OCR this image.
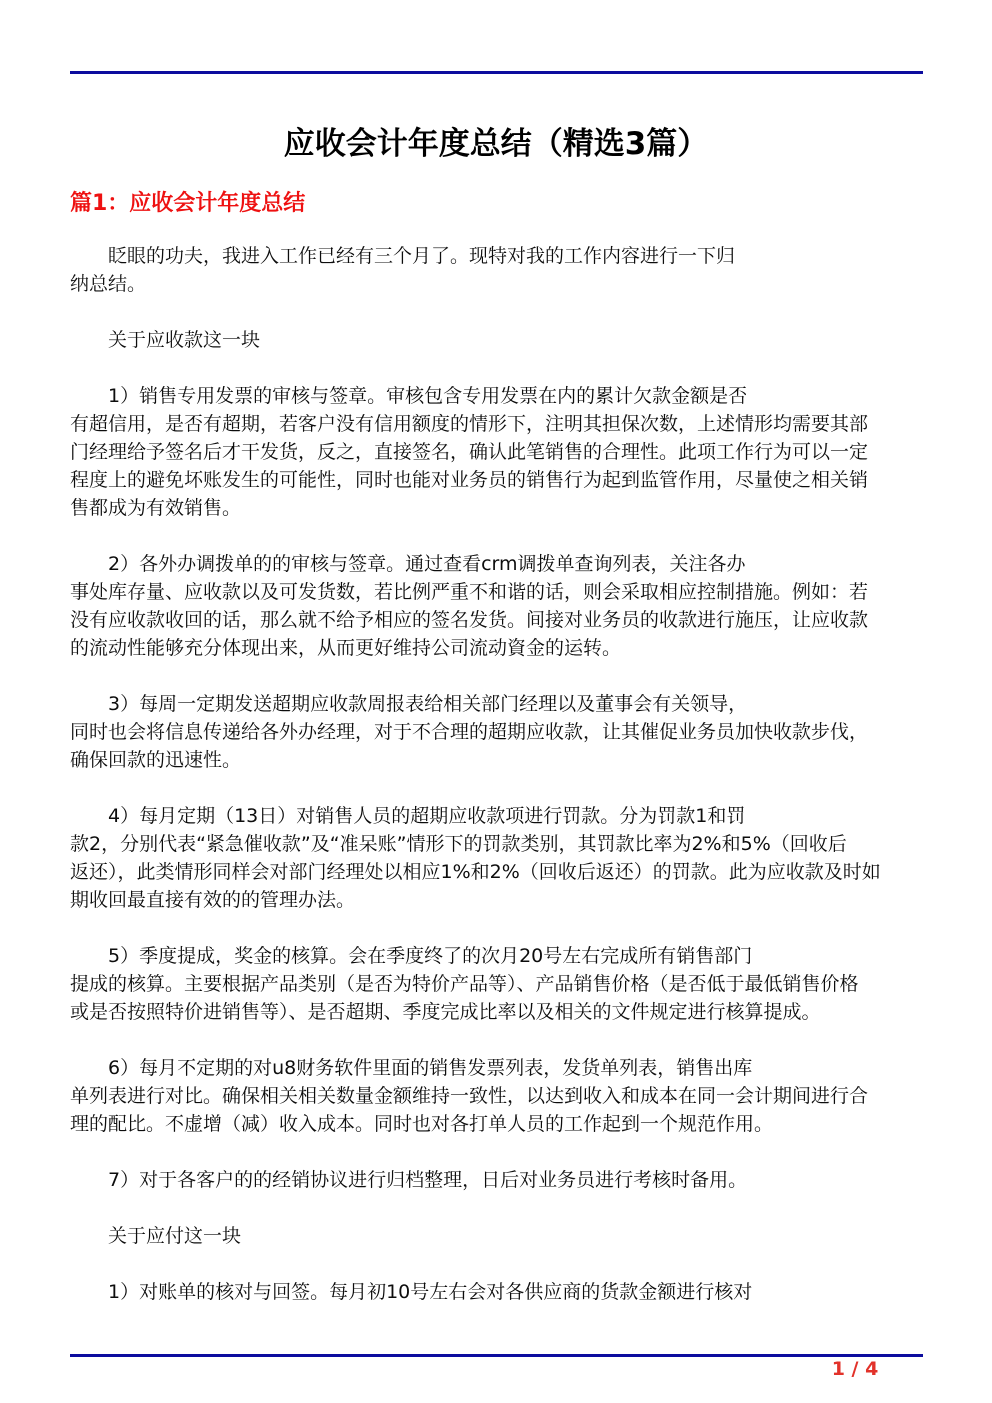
应收会计年度总结（精选3篇）
篇1：应收会计年度总结
眨眼的功夫，我进入工作已经有三个月了。现特对我的工作内容进行一下归
纳总结。
关于应收款这一块
1）销售专用发票的审核与签章。审核包含专用发票在内的累计欠款金额是否
有超信用，是否有超期，若客户没有信用额度的情形下，注明其担保次数，上述情形均需要其部
门经理给予签名后才干发货，反之，直接签名，确认此笔销售的合理性。此项工作行为可以一定
程度上的避免坏账发生的可能性，同时也能对业务员的销售行为起到监管作用，尽量使之相关销
售都成为有效销售。
2）各外办调拨单的的审核与签章。通过查看crm调拨单查询列表，关注各办
事处库存量、应收款以及可发货数，若比例严重不和谐的话，则会采取相应控制措施。例如：若
没有应收款收回的话，那么就不给予相应的签名发货。间接对业务员的收款进行施压，让应收款
的流动性能够充分体现出来，从而更好维持公司流动資金的运转。
3）每周一定期发送超期应收款周报表给相关部门经理以及董事会有关领导，
同时也会将信息传递给各外办经理，对于不合理的超期应收款，让其催促业务员加快收款步伐，
确保回款的迅速性。
4）每月定期（13日）对销售人员的超期应收款项进行罚款。分为罚款1和罚
款2，分别代表“紧急催收款”及“准呆账”情形下的罚款类别，其罚款比率为2%和5%（回收后
返还），此类情形同样会对部门经理处以相应1%和2%（回收后返还）的罚款。此为应收款及时如
期收回最直接有效的的管理办法。
5）季度提成，奖金的核算。会在季度终了的次月20号左右完成所有销售部门
提成的核算。主要根据产品类别（是否为特价产品等）、产品销售价格（是否低于最低销售价格
或是否按照特价进销售等）、是否超期、季度完成比率以及相关的文件规定进行核算提成。
6）每月不定期的对u8财务软件里面的销售发票列表，发货单列表，销售出库
单列表进行对比。确保相关相关数量金额维持一致性，以达到收入和成本在同一会计期间进行合
理的配比。不虚增（减）收入成本。同时也对各打单人员的工作起到一个规范作用。
7）对于各客户的的经销协议进行归档整理，日后对业务员进行考核时备用。
关于应付这一块
1）对账单的核对与回签。每月初10号左右会对各供应商的货款金额进行核对
1 / 4
